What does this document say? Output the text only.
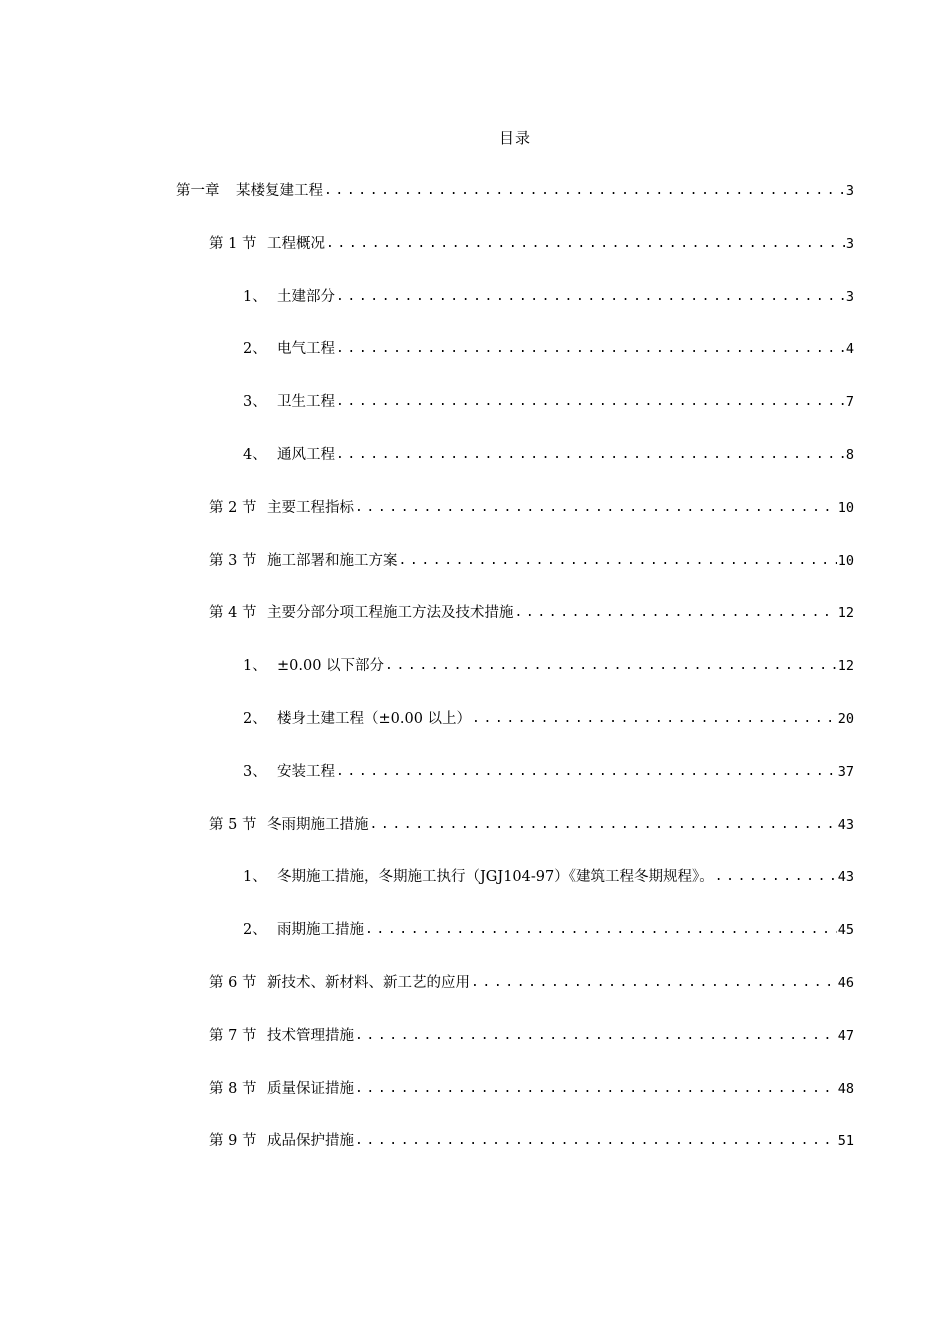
目录
第一章	某楼复建工程 .....	3
第 1 节 工程概况 .....	3
1、 土建部分 .....	3
2、 电气工程 .....	4
3、 卫生工程 .....	7
4、 通风工程 .....	8
第 2 节 主要工程指标 .....	10
第 3 节 施工部署和施工方案 .....	10
第 4 节 主要分部分项工程施工方法及技术措施 .....	12
1、 ±0.00 以下部分 .....	12
2、 楼身土建工程（±0.00 以上） .....	20
3、 安装工程 .....	37
第 5 节 冬雨期施工措施 .....	43
1、 冬期施工措施，冬期施工执行（JGJ104-97）《建筑工程冬期规程》。 .....	43
2、 雨期施工措施 .....	45
第 6 节 新技术、新材料、新工艺的应用 .....	46
第 7 节 技术管理措施 .....	47
第 8 节 质量保证措施 .....	48
第 9 节 成品保护措施 .....	51
